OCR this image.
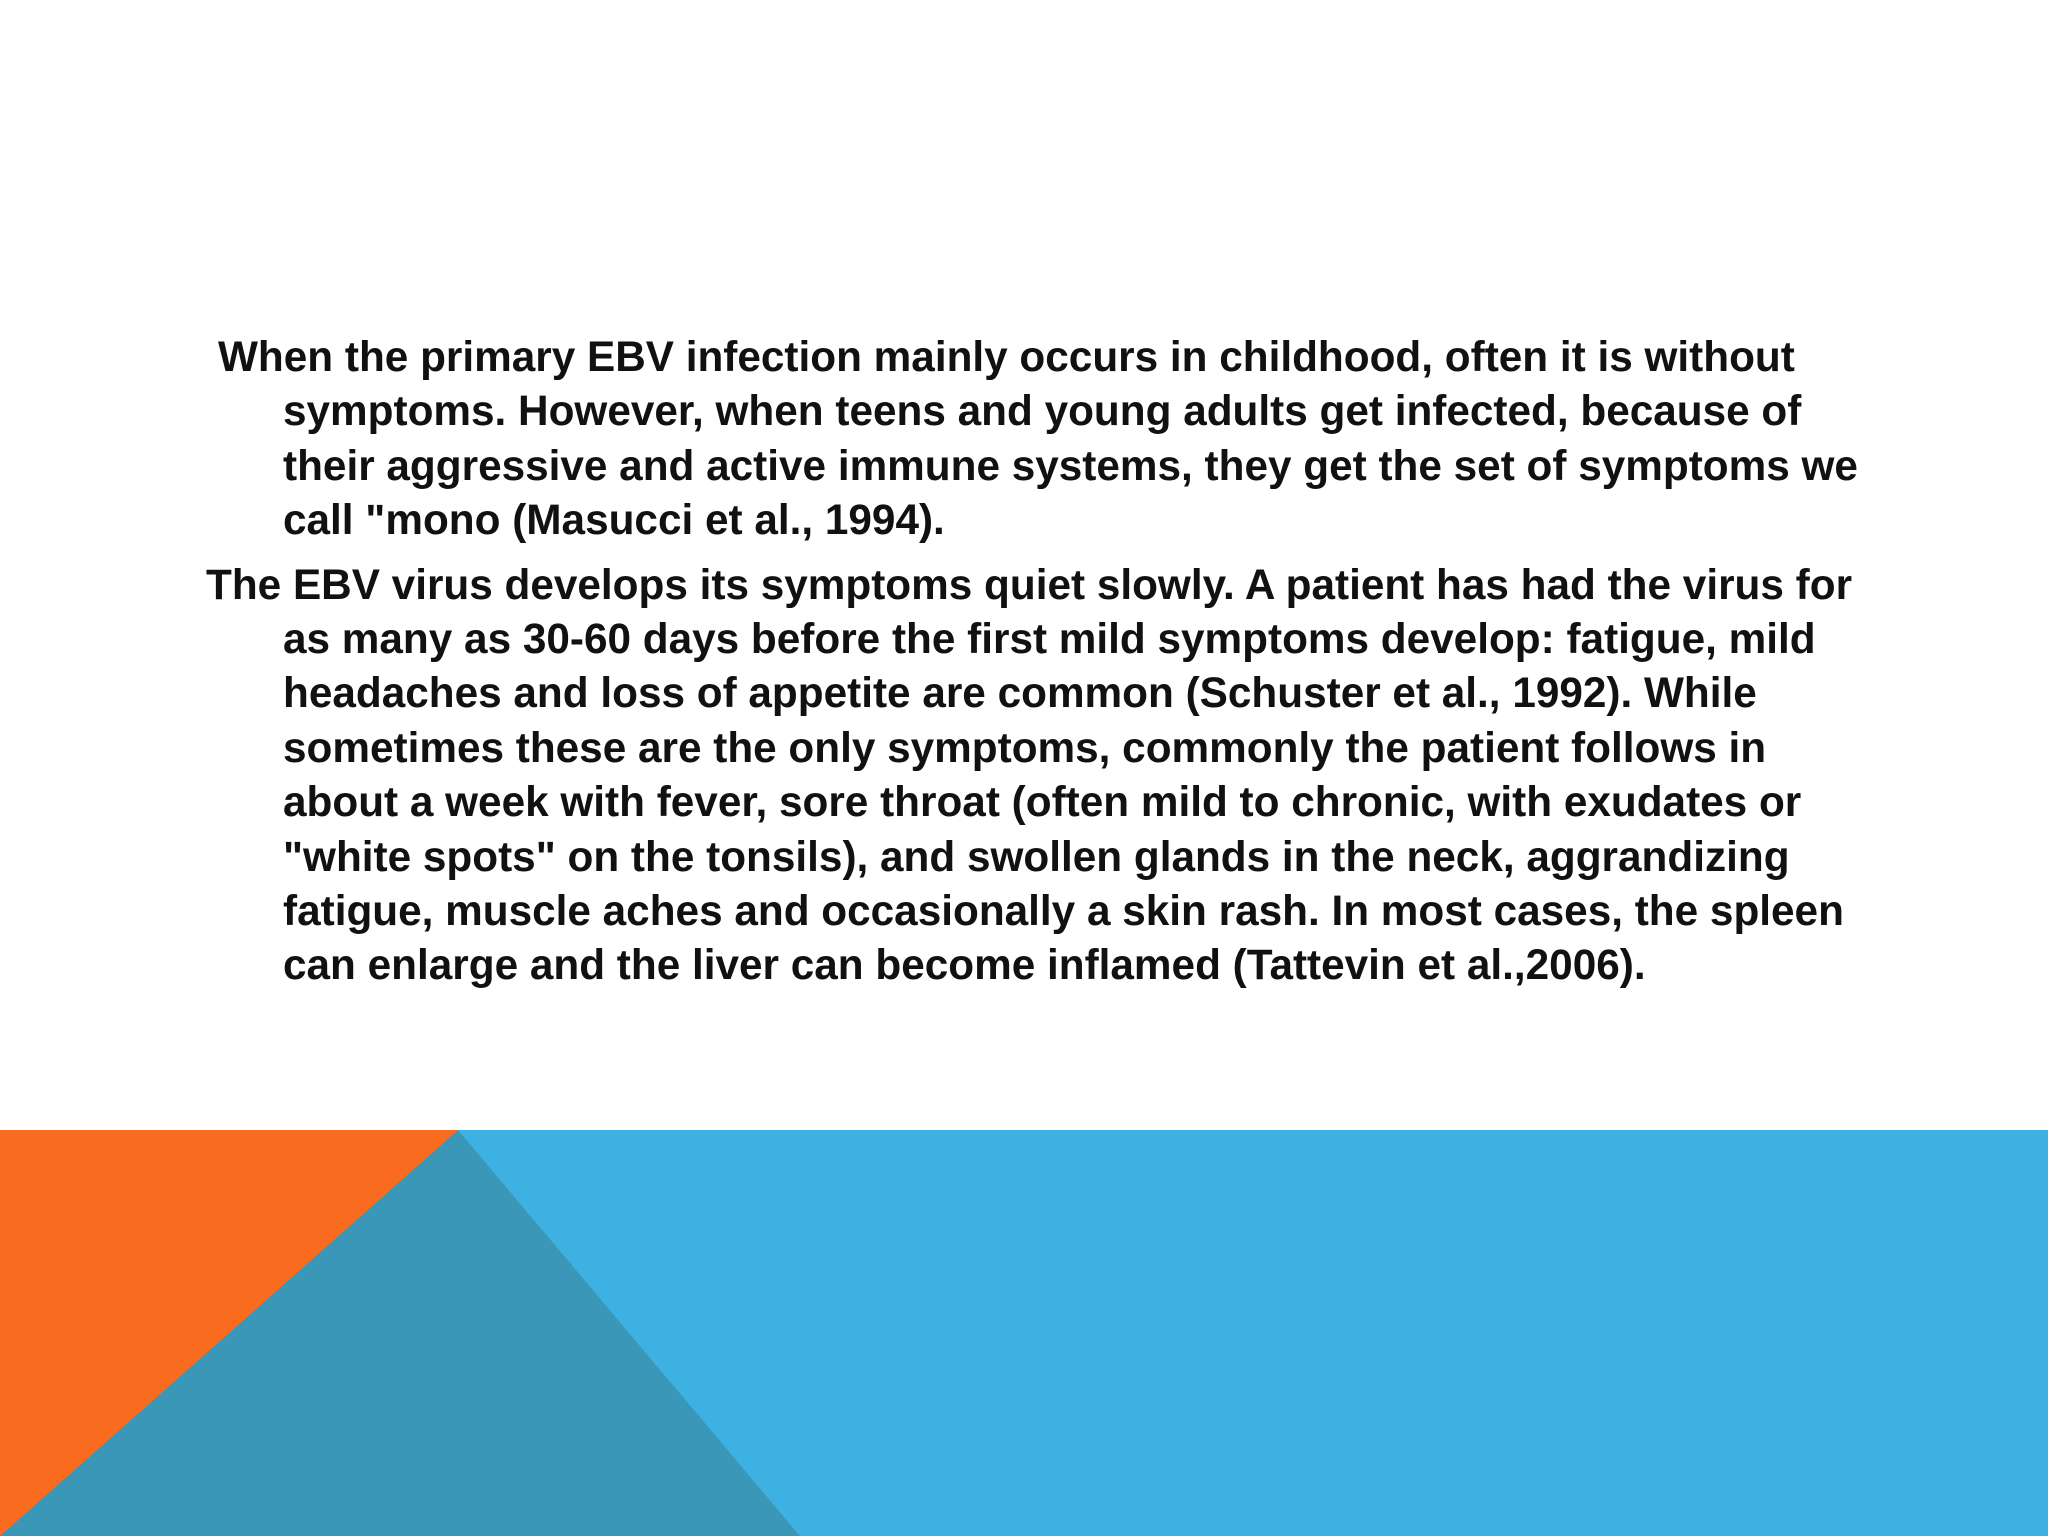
When the primary EBV infection mainly occurs in childhood, often it is without symptoms. However, when teens and young adults get infected, because of their aggressive and active immune systems, they get the set of symptoms we call "mono (Masucci et al., 1994).

The EBV virus develops its symptoms quiet slowly. A patient has had the virus for as many as 30-60 days before the first mild symptoms develop: fatigue, mild headaches and loss of appetite are common (Schuster et al., 1992). While sometimes these are the only symptoms, commonly the patient follows in about a week with fever, sore throat (often mild to chronic, with exudates or "white spots" on the tonsils), and swollen glands in the neck, aggrandizing fatigue, muscle aches and occasionally a skin rash. In most cases, the spleen can enlarge and the liver can become inflamed (Tattevin et al.,2006).
